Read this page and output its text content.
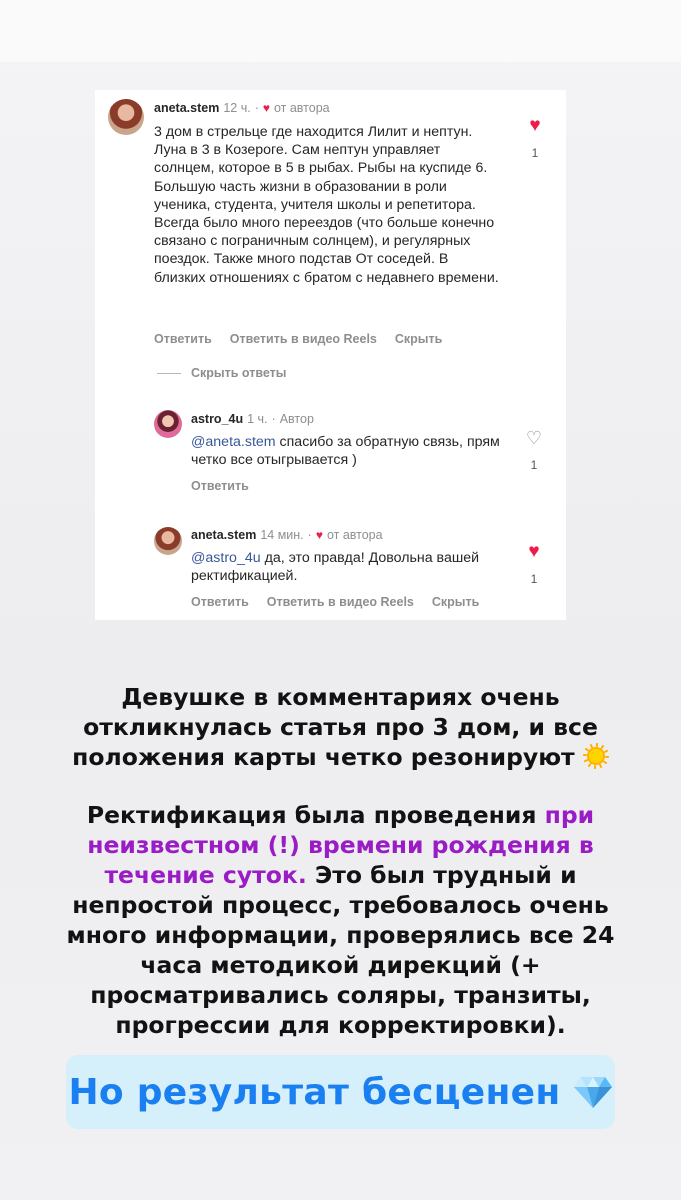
aneta.stem 12 ч. · ♥ от автора
3 дом в стрельце где находится Лилит и нептун. Луна в 3 в Козероге. Сам нептун управляет солнцем, которое в 5 в рыбах. Рыбы на куспиде 6. Большую часть жизни в образовании в роли ученика, студента, учителя школы и репетитора. Всегда было много переездов (что больше конечно связано с пограничным солнцем), и регулярных поездок. Также много подстав От соседей. В близких отношениях с братом с недавнего времени.
Ответить Ответить в видео Reels Скрыть
♥
1
Скрыть ответы
astro_4u 1 ч. · Автор
@aneta.stem спасибо за обратную связь, прям четко все отыгрывается )
Ответить
♡
1
aneta.stem 14 мин. · ♥ от автора
@astro_4u да, это правда! Довольна вашей ректификацией.
♥
1
Ответить Ответить в видео Reels Скрыть
Девушке в комментариях очень откликнулась статья про 3 дом, и все положения карты четко резонируют
Ректификация была проведения при неизвестном (!) времени рождения в течение суток. Это был трудный и непростой процесс, требовалось очень много информации, проверялись все 24 часа методикой дирекций (+ просматривались соляры, транзиты, прогрессии для корректировки).
Но результат бесценен
